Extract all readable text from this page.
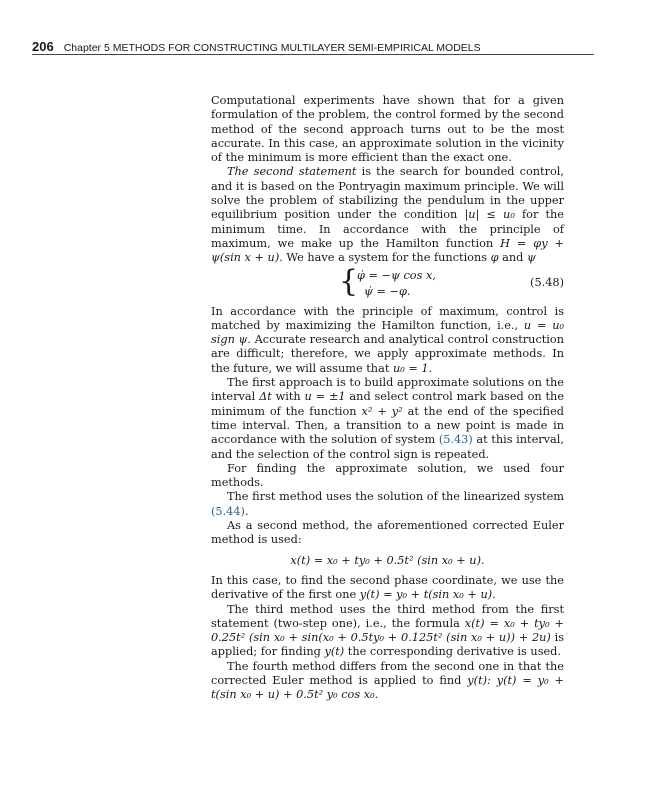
206 Chapter 5 METHODS FOR CONSTRUCTING MULTILAYER SEMI-EMPIRICAL MODELS

Computational experiments have shown that for a given formulation of the problem, the control formed by the second method of the second approach turns out to be the most accurate. In this case, an approximate solution in the vicinity of the minimum is more efficient than the exact one.

The second statement is the search for bounded control, and it is based on the Pontryagin maximum principle. We will solve the problem of stabilizing the pendulum in the upper equilibrium position under the condition |u| ≤ u₀ for the minimum time. In accordance with the principle of maximum, we make up the Hamilton function H = φy + ψ(sin x + u). We have a system for the functions φ and ψ

{
φ̇ = −ψ cos x,
ψ̇ = −φ.
(5.48)

In accordance with the principle of maximum, control is matched by maximizing the Hamilton function, i.e., u = u₀ sign ψ. Accurate research and analytical control construction are difficult; therefore, we apply approximate methods. In the future, we will assume that u₀ = 1.

The first approach is to build approximate solutions on the interval Δt with u = ±1 and select control mark based on the minimum of the function x² + y² at the end of the specified time interval. Then, a transition to a new point is made in accordance with the solution of system (5.43) at this interval, and the selection of the control sign is repeated.

For finding the approximate solution, we used four methods.

The first method uses the solution of the linearized system (5.44).

As a second method, the aforementioned corrected Euler method is used:

x(t) = x₀ + ty₀ + 0.5t² (sin x₀ + u).

In this case, to find the second phase coordinate, we use the derivative of the first one y(t) = y₀ + t(sin x₀ + u).

The third method uses the third method from the first statement (two-step one), i.e., the formula x(t) = x₀ + ty₀ + 0.25t² (sin x₀ + sin(x₀ + 0.5ty₀ + 0.125t² (sin x₀ + u)) + 2u) is applied; for finding y(t) the corresponding derivative is used.

The fourth method differs from the second one in that the corrected Euler method is applied to find y(t): y(t) = y₀ + t(sin x₀ + u) + 0.5t² y₀ cos x₀.
